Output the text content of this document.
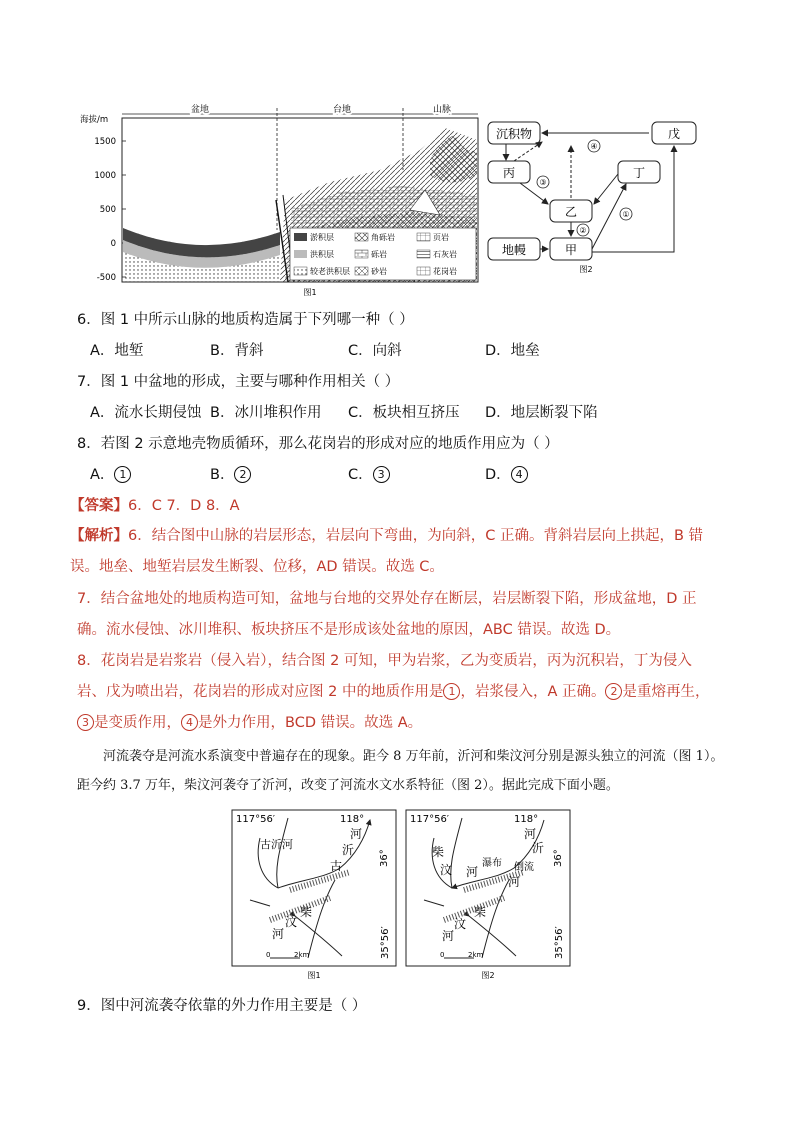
海拔/m
1500
1000
500
0
-500
盆地	台地	山脉
淤积层	角砾岩	页岩
洪积层	砾岩	石灰岩
较老洪积层	砂岩	花岗岩
图1
沉积物	戊
丙	丁
乙
地幔	甲
①
②
③
④
图2
6．图 1 中所示山脉的地质构造属于下列哪一种（ ）
A．地堑	B．背斜	C．向斜	D．地垒
7．图 1 中盆地的形成，主要与哪种作用相关（ ）
A．流水长期侵蚀 B．冰川堆积作用 C．板块相互挤压 D．地层断裂下陷
8．若图 2 示意地壳物质循环，那么花岗岩的形成对应的地质作用应为（ ）
A． 1	B． 2	C． 3	D． 4
【答案】6．C 7．D 8．A
【解析】6．结合图中山脉的岩层形态，岩层向下弯曲，为向斜，C 正确。背斜岩层向上拱起，B 错误。地垒、地堑岩层发生断裂、位移，AD 错误。故选 C。
7．结合盆地处的地质构造可知，盆地与台地的交界处存在断层，岩层断裂下陷，形成盆地，D 正确。流水侵蚀、冰川堆积、板块挤压不是形成该处盆地的原因，ABC 错误。故选 D。
8．花岗岩是岩浆岩（侵入岩），结合图 2 可知，甲为岩浆，乙为变质岩，丙为沉积岩，丁为侵入岩、戊为喷出岩，花岗岩的形成对应图 2 中的地质作用是 1 ，岩浆侵入，A 正确。 2 是重熔再生，3 是变质作用， 4 是外力作用，BCD 错误。故选 A。
河流袭夺是河流水系演变中普遍存在的现象。距今 8 万年前，沂河和柴汶河分别是源头独立的河流（图 1）。距今约 3.7 万年，柴汶河袭夺了沂河，改变了河流水文水系特征（图 2）。据此完成下面小题。
117°56′	118°
36°
35°56′
古沂河
河
沂
古
汶
柴
河
0	2km
图1
117°56′	118°
36°
35°56′
柴
汶 河
瀑布
河
沂
倒流
河
汶
柴
河
0	2km
图2
9．图中河流袭夺依靠的外力作用主要是（ ）
